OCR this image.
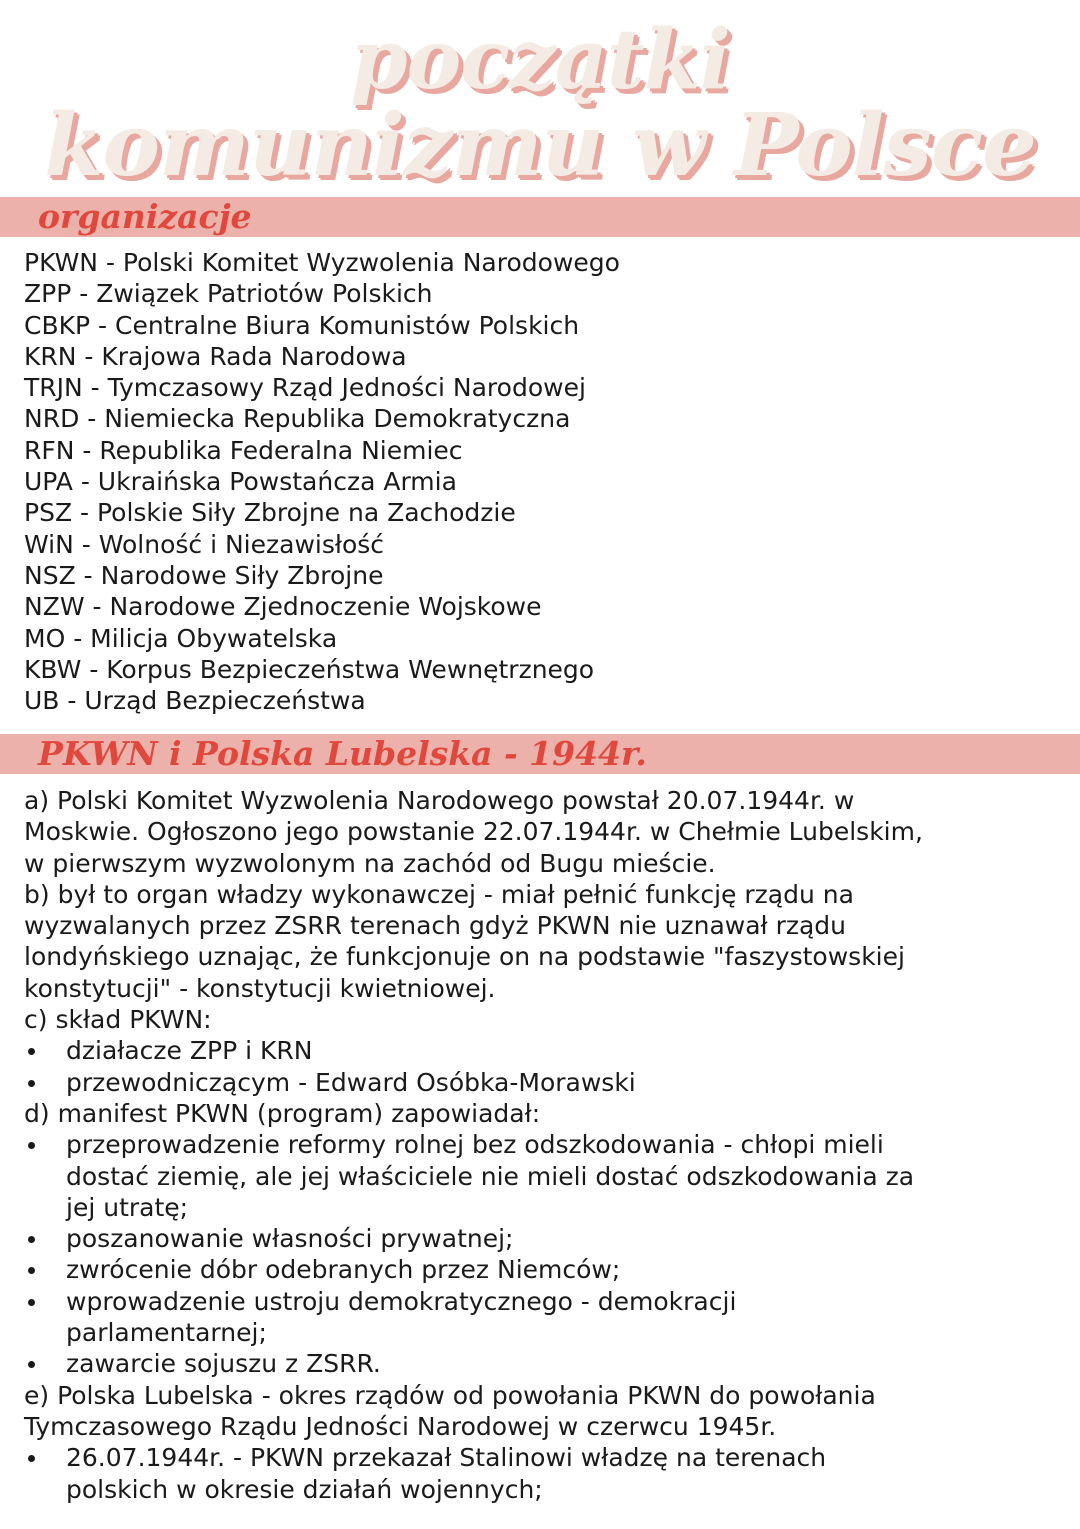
początki
komunizmu w Polsce
organizacje
PKWN - Polski Komitet Wyzwolenia Narodowego
ZPP - Związek Patriotów Polskich
CBKP - Centralne Biura Komunistów Polskich
KRN - Krajowa Rada Narodowa
TRJN - Tymczasowy Rząd Jedności Narodowej
NRD - Niemiecka Republika Demokratyczna
RFN - Republika Federalna Niemiec
UPA - Ukraińska Powstańcza Armia
PSZ - Polskie Siły Zbrojne na Zachodzie
WiN - Wolność i Niezawisłość
NSZ - Narodowe Siły Zbrojne
NZW - Narodowe Zjednoczenie Wojskowe
MO - Milicja Obywatelska
KBW - Korpus Bezpieczeństwa Wewnętrznego
UB - Urząd Bezpieczeństwa
PKWN i Polska Lubelska - 1944r.
a) Polski Komitet Wyzwolenia Narodowego powstał 20.07.1944r. w
Moskwie. Ogłoszono jego powstanie 22.07.1944r. w Chełmie Lubelskim,
w pierwszym wyzwolonym na zachód od Bugu mieście.
b) był to organ władzy wykonawczej - miał pełnić funkcję rządu na
wyzwalanych przez ZSRR terenach gdyż PKWN nie uznawał rządu
londyńskiego uznając, że funkcjonuje on na podstawie "faszystowskiej
konstytucji" - konstytucji kwietniowej.
c) skład PKWN:
działacze ZPP i KRN
przewodniczącym - Edward Osóbka-Morawski
d) manifest PKWN (program) zapowiadał:
przeprowadzenie reformy rolnej bez odszkodowania - chłopi mieli
dostać ziemię, ale jej właściciele nie mieli dostać odszkodowania za
jej utratę;
poszanowanie własności prywatnej;
zwrócenie dóbr odebranych przez Niemców;
wprowadzenie ustroju demokratycznego - demokracji
parlamentarnej;
zawarcie sojuszu z ZSRR.
e) Polska Lubelska - okres rządów od powołania PKWN do powołania
Tymczasowego Rządu Jedności Narodowej w czerwcu 1945r.
26.07.1944r. - PKWN przekazał Stalinowi władzę na terenach
polskich w okresie działań wojennych;
